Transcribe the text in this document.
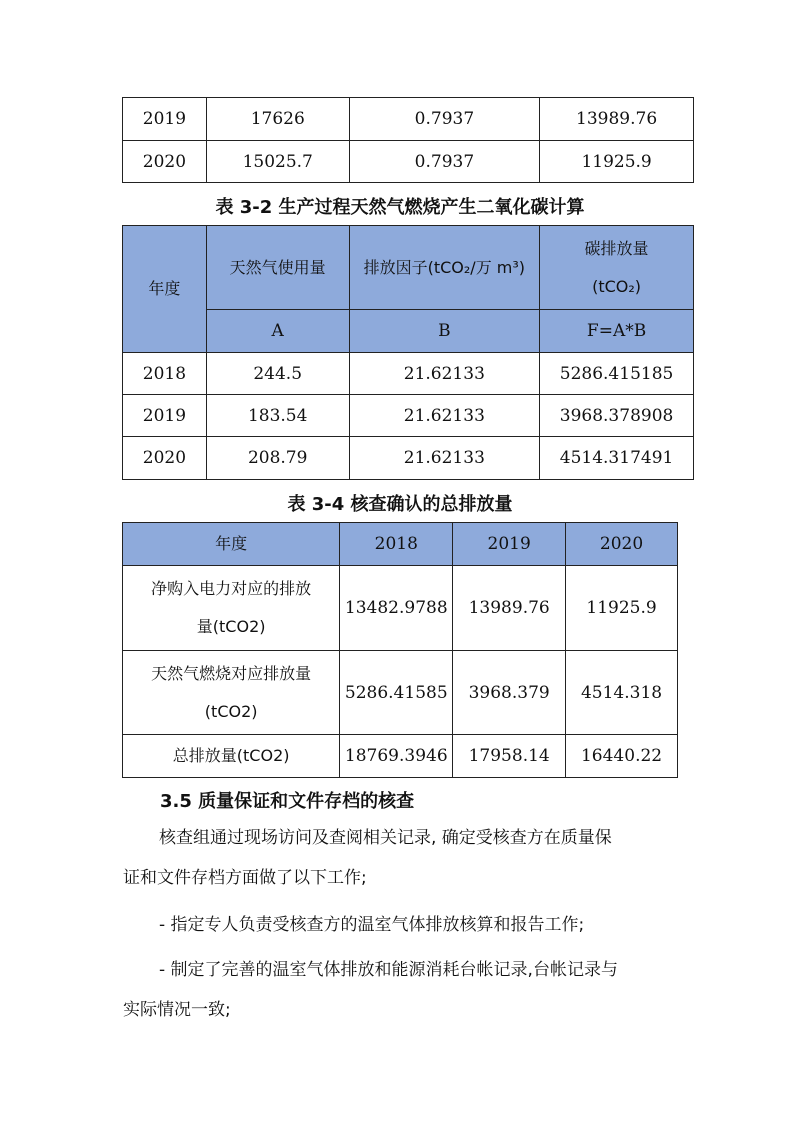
2019	17626	0.7937	13989.76
2020	15025.7	0.7937	11925.9
表 3-2 生产过程天然气燃烧产生二氧化碳计算
年度	天然气使用量	排放因子(tCO₂/万 m³)	碳排放量
(tCO₂)

	A	B	F=A*B
2018	244.5	21.62133	5286.415185
2019	183.54	21.62133	3968.378908
2020	208.79	21.62133	4514.317491
表 3-4 核查确认的总排放量
年度	2018	2019	2020

净购入电力对应的排放
量(tCO2)	13482.9788	13989.76	11925.9

天然气燃烧对应排放量
(tCO2)	5286.41585	3968.379	4514.318
总排放量(tCO2)	18769.3946	17958.14	16440.22
3.5 质量保证和文件存档的核查
核查组通过现场访问及查阅相关记录, 确定受核查方在质量保
证和文件存档方面做了以下工作;
- 指定专人负责受核查方的温室气体排放核算和报告工作;
- 制定了完善的温室气体排放和能源消耗台帐记录,台帐记录与
实际情况一致;
